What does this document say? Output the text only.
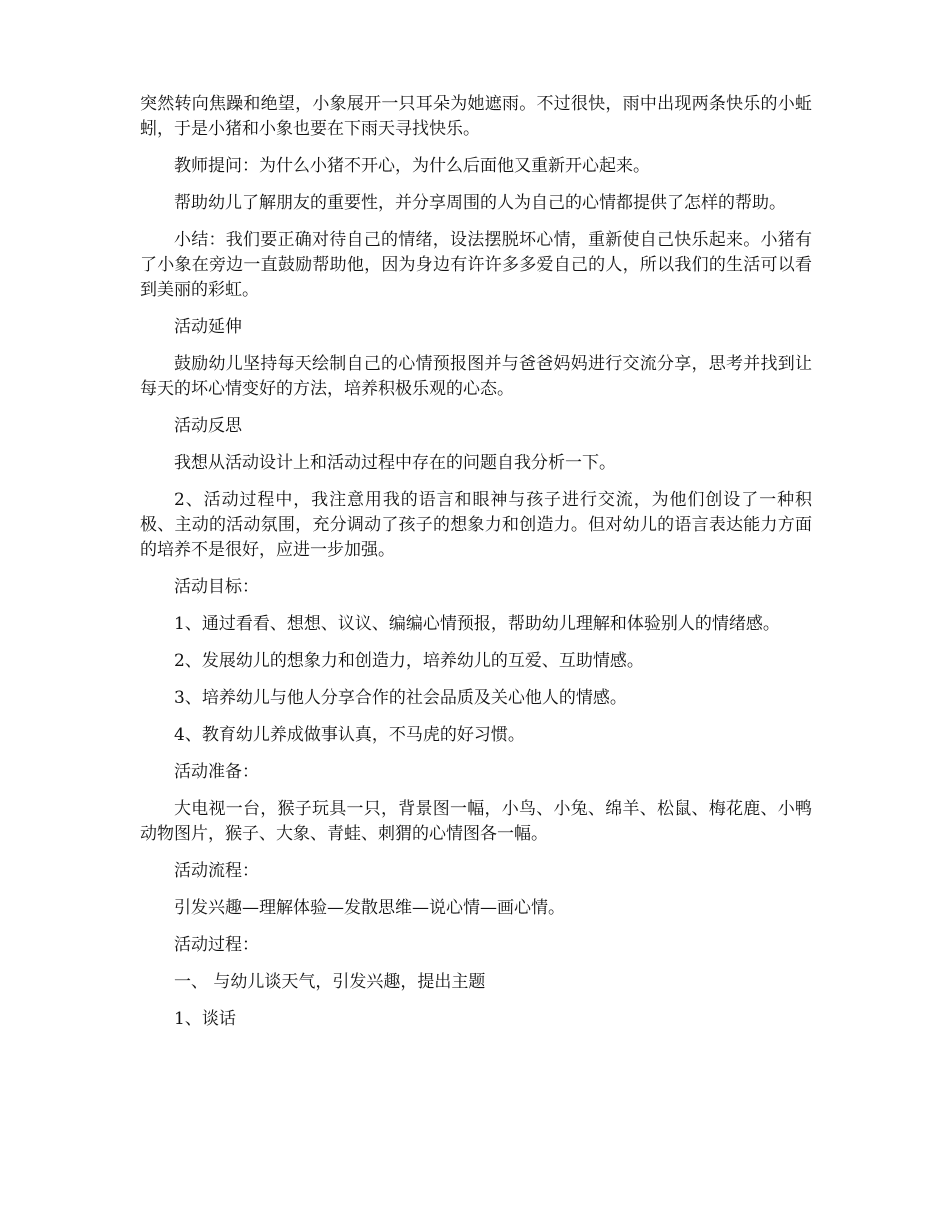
突然转向焦躁和绝望，小象展开一只耳朵为她遮雨。不过很快，雨中出现两条快乐的小蚯蚓，于是小猪和小象也要在下雨天寻找快乐。

教师提问：为什么小猪不开心，为什么后面他又重新开心起来。

帮助幼儿了解朋友的重要性，并分享周围的人为自己的心情都提供了怎样的帮助。

小结：我们要正确对待自己的情绪，设法摆脱坏心情，重新使自己快乐起来。小猪有了小象在旁边一直鼓励帮助他，因为身边有许许多多爱自己的人，所以我们的生活可以看到美丽的彩虹。

活动延伸

鼓励幼儿坚持每天绘制自己的心情预报图并与爸爸妈妈进行交流分享，思考并找到让每天的坏心情变好的方法，培养积极乐观的心态。

活动反思

我想从活动设计上和活动过程中存在的问题自我分析一下。

2、活动过程中，我注意用我的语言和眼神与孩子进行交流，为他们创设了一种积极、主动的活动氛围，充分调动了孩子的想象力和创造力。但对幼儿的语言表达能力方面的培养不是很好，应进一步加强。

活动目标：

1、通过看看、想想、议议、编编心情预报，帮助幼儿理解和体验别人的情绪感。

2、发展幼儿的想象力和创造力，培养幼儿的互爱、互助情感。

3、培养幼儿与他人分享合作的社会品质及关心他人的情感。

4、教育幼儿养成做事认真，不马虎的好习惯。

活动准备：

大电视一台，猴子玩具一只，背景图一幅，小鸟、小兔、绵羊、松鼠、梅花鹿、小鸭动物图片，猴子、大象、青蛙、刺猬的心情图各一幅。

活动流程：

引发兴趣—理解体验—发散思维—说心情—画心情。

活动过程：

一、 与幼儿谈天气，引发兴趣，提出主题

1、谈话
